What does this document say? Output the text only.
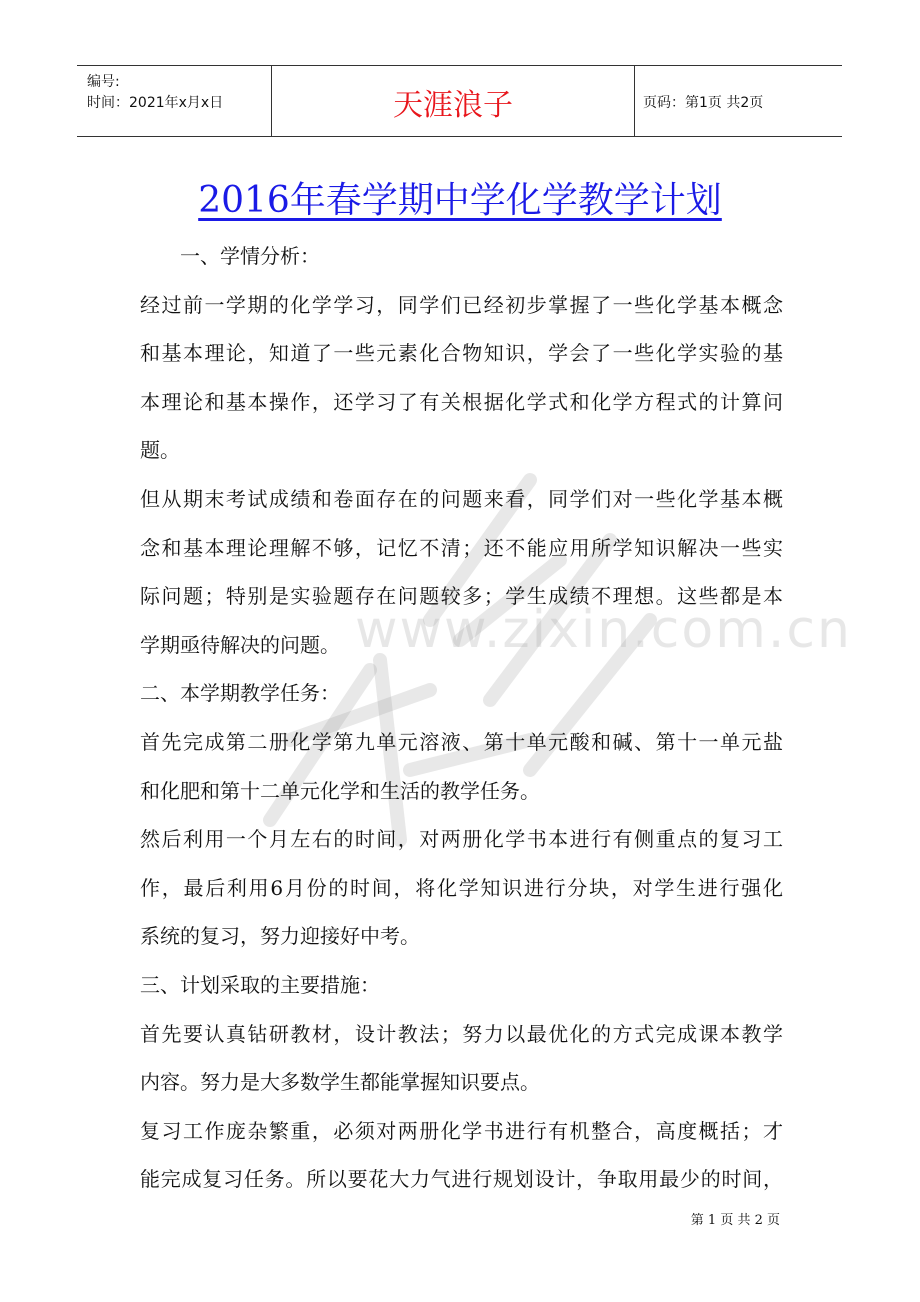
编号:
时间：2021年x月x日	天涯浪子	页码：第1页 共2页
2016年春学期中学化学教学计划
www.zixin.com.cn
一、学情分析：
经过前一学期的化学学习，同学们已经初步掌握了一些化学基本概念
和基本理论，知道了一些元素化合物知识，学会了一些化学实验的基
本理论和基本操作，还学习了有关根据化学式和化学方程式的计算问
题。
但从期末考试成绩和卷面存在的问题来看，同学们对一些化学基本概
念和基本理论理解不够，记忆不清；还不能应用所学知识解决一些实
际问题；特别是实验题存在问题较多；学生成绩不理想。这些都是本
学期亟待解决的问题。
二、本学期教学任务：
首先完成第二册化学第九单元溶液、第十单元酸和碱、第十一单元盐
和化肥和第十二单元化学和生活的教学任务。
然后利用一个月左右的时间，对两册化学书本进行有侧重点的复习工
作，最后利用6月份的时间，将化学知识进行分块，对学生进行强化
系统的复习，努力迎接好中考。
三、计划采取的主要措施：
首先要认真钻研教材，设计教法；努力以最优化的方式完成课本教学
内容。努力是大多数学生都能掌握知识要点。
复习工作庞杂繁重，必须对两册化学书进行有机整合，高度概括；才
能完成复习任务。所以要花大力气进行规划设计，争取用最少的时间，
第 1 页 共 2 页
